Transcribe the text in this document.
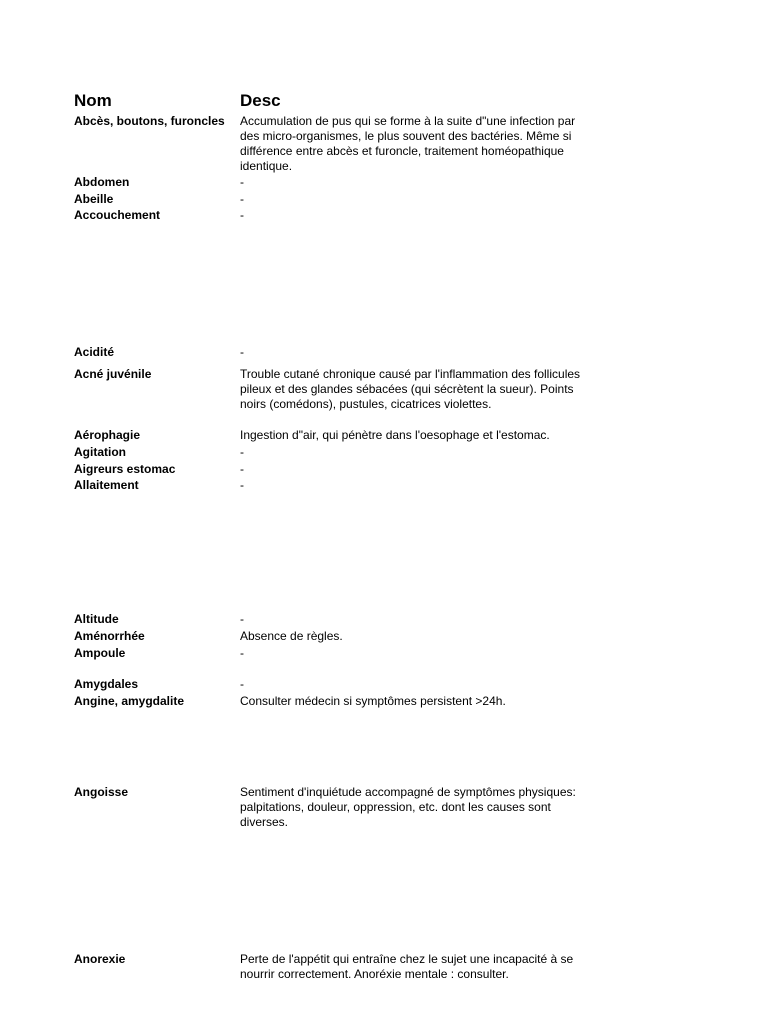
Nom	Desc
Abcès, boutons, furoncles	Accumulation de pus qui se forme à la suite d"une infection par des micro-organismes, le plus souvent des bactéries. Même si différence entre abcès et furoncle, traitement homéopathique identique.
Abdomen	-
Abeille	-
Accouchement	-
Acidité	-
Acné juvénile	Trouble cutané chronique causé par l'inflammation des follicules pileux et des glandes sébacées (qui sécrètent la sueur). Points noirs (comédons), pustules, cicatrices violettes.
Aérophagie	Ingestion d"air, qui pénètre dans l'oesophage et l'estomac.
Agitation	-
Aigreurs estomac	-
Allaitement	-
Altitude	-
Aménorrhée	Absence de règles.
Ampoule	-
Amygdales	-
Angine, amygdalite	Consulter médecin si symptômes persistent >24h.
Angoisse	Sentiment d'inquiétude accompagné de symptômes physiques: palpitations, douleur, oppression, etc. dont les causes sont diverses.
Anorexie	Perte de l'appétit qui entraîne chez le sujet une incapacité à se nourrir correctement. Anoréxie mentale : consulter.
